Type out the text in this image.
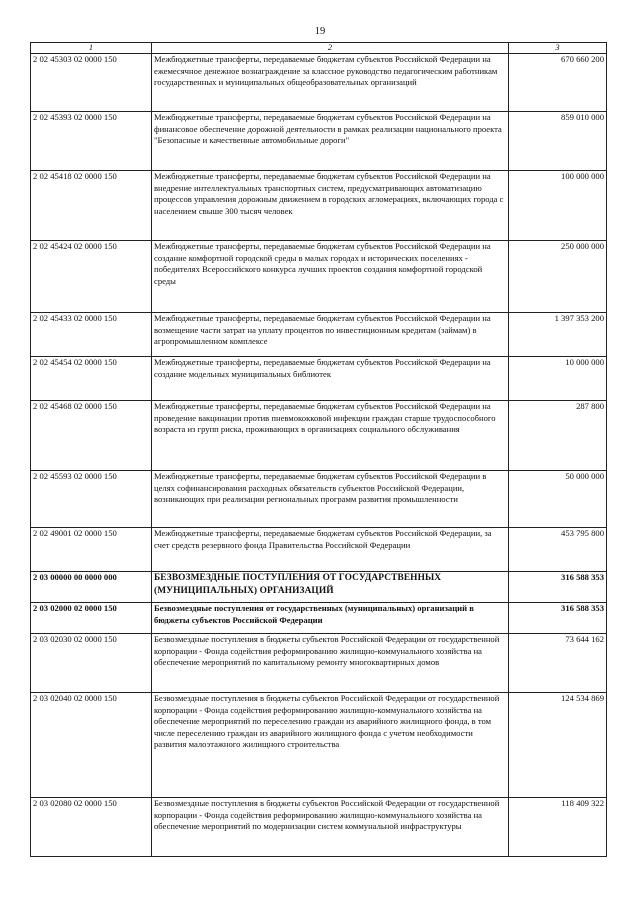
19
1	2	3
2 02 45303 02 0000 150	Межбюджетные трансферты, передаваемые бюджетам субъектов Российской Федерации на ежемесячное денежное вознаграждение за классное руководство педагогическим работникам государственных и муниципальных общеобразовательных организаций	670 660 200
2 02 45393 02 0000 150	Межбюджетные трансферты, передаваемые бюджетам субъектов Российской Федерации на финансовое обеспечение дорожной деятельности в рамках реализации национального проекта "Безопасные и качественные автомобильные дороги"	859 010 000
2 02 45418 02 0000 150	Межбюджетные трансферты, передаваемые бюджетам субъектов Российской Федерации на внедрение интеллектуальных транспортных систем, предусматривающих автоматизацию процессов управления дорожным движением в городских агломерациях, включающих города с населением свыше 300 тысяч человек	100 000 000
2 02 45424 02 0000 150	Межбюджетные трансферты, передаваемые бюджетам субъектов Российской Федерации на создание комфортной городской среды в малых городах и исторических поселениях - победителях Всероссийского конкурса лучших проектов создания комфортной городской среды	250 000 000
2 02 45433 02 0000 150	Межбюджетные трансферты, передаваемые бюджетам субъектов Российской Федерации на возмещение части затрат на уплату процентов по инвестиционным кредитам (займам) в агропромышленном комплексе	1 397 353 200
2 02 45454 02 0000 150	Межбюджетные трансферты, передаваемые бюджетам субъектов Российской Федерации на создание модельных муниципальных библиотек	10 000 000
2 02 45468 02 0000 150	Межбюджетные трансферты, передаваемые бюджетам субъектов Российской Федерации на проведение вакцинации против пневмококковой инфекции граждан старше трудоспособного возраста из групп риска, проживающих в организациях социального обслуживания	287 800
2 02 45593 02 0000 150	Межбюджетные трансферты, передаваемые бюджетам субъектов Российской Федерации в целях софинансирования расходных обязательств субъектов Российской Федерации, возникающих при реализации региональных программ развития промышленности	50 000 000
2 02 49001 02 0000 150	Межбюджетные трансферты, передаваемые бюджетам субъектов Российской Федерации, за счет средств резервного фонда Правительства Российской Федерации	453 795 800
2 03 00000 00 0000 000	БЕЗВОЗМЕЗДНЫЕ ПОСТУПЛЕНИЯ ОТ ГОСУДАРСТВЕННЫХ (МУНИЦИПАЛЬНЫХ) ОРГАНИЗАЦИЙ	316 588 353
2 03 02000 02 0000 150	Безвозмездные поступления от государственных (муниципальных) организаций в бюджеты субъектов Российской Федерации	316 588 353
2 03 02030 02 0000 150	Безвозмездные поступления в бюджеты субъектов Российской Федерации от государственной корпорации - Фонда содействия реформированию жилищно-коммунального хозяйства на обеспечение мероприятий по капитальному ремонту многоквартирных домов	73 644 162
2 03 02040 02 0000 150	Безвозмездные поступления в бюджеты субъектов Российской Федерации от государственной корпорации - Фонда содействия реформированию жилищно-коммунального хозяйства на обеспечение мероприятий по переселению граждан из аварийного жилищного фонда, в том числе переселению граждан из аварийного жилищного фонда с учетом необходимости развития малоэтажного жилищного строительства	124 534 869
2 03 02080 02 0000 150	Безвозмездные поступления в бюджеты субъектов Российской Федерации от государственной корпорации - Фонда содействия реформированию жилищно-коммунального хозяйства на обеспечение мероприятий по модернизации систем коммунальной инфраструктуры	118 409 322
